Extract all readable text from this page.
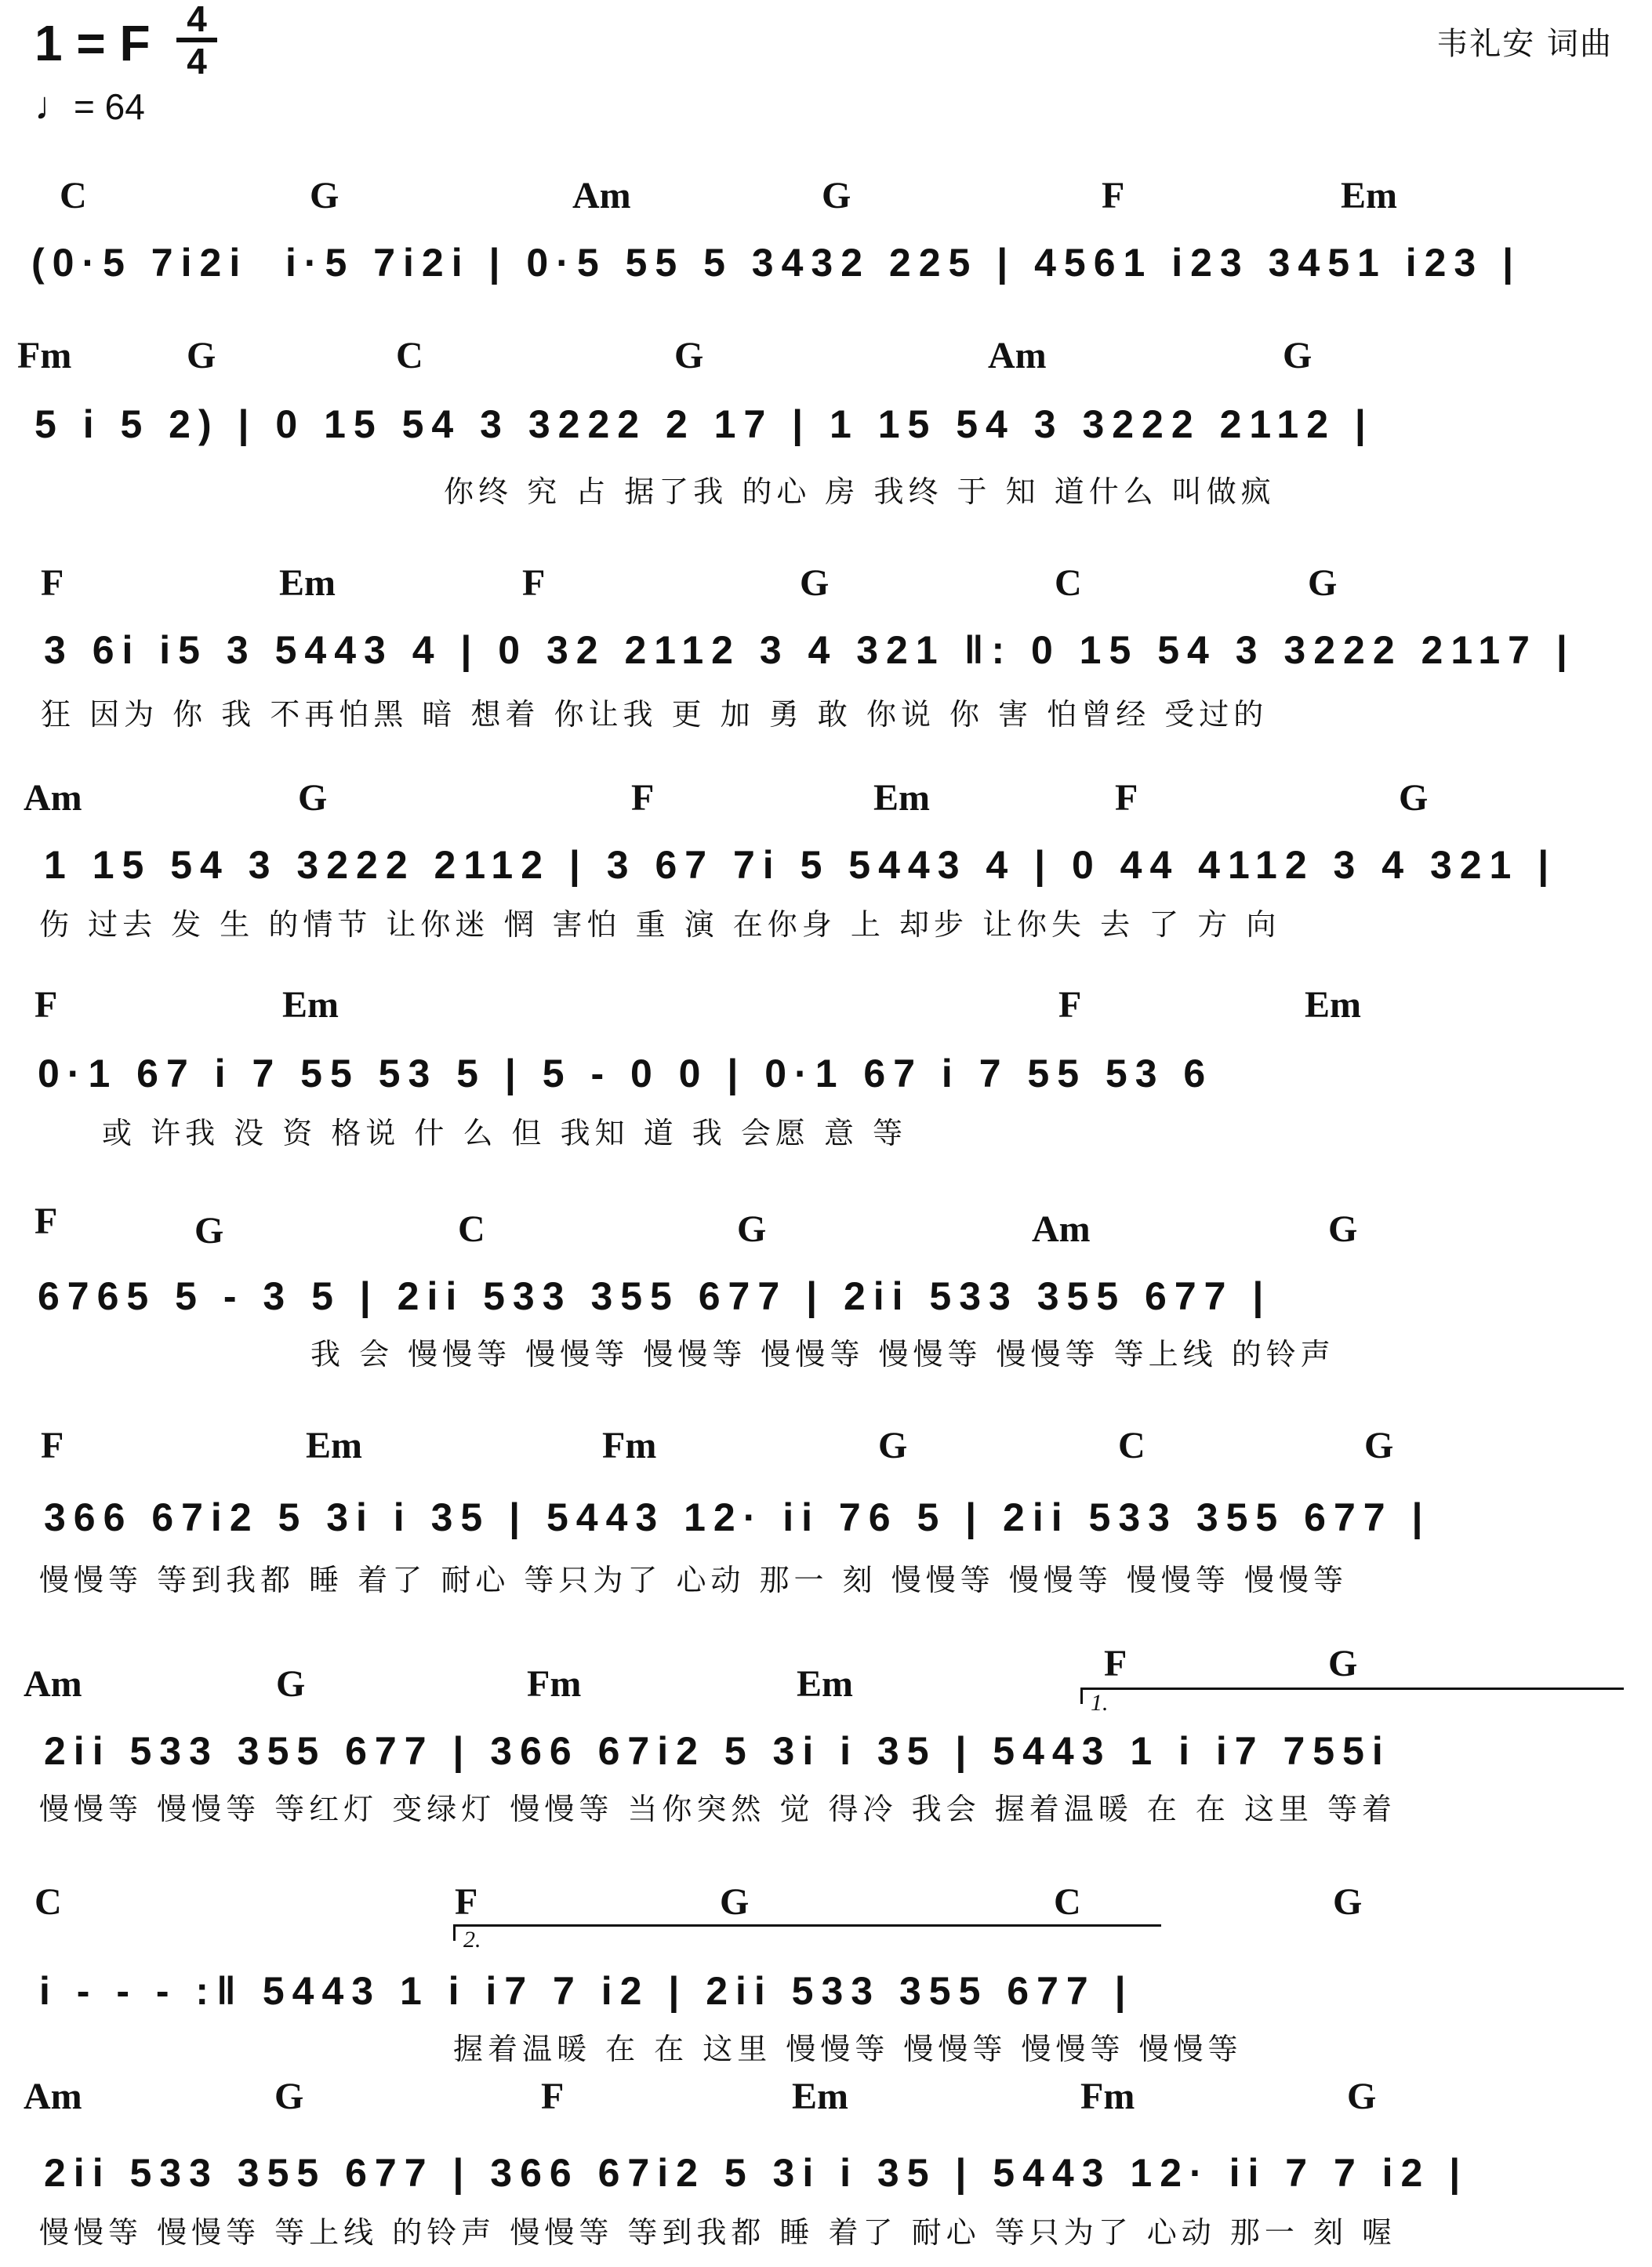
1 = F 4
4
♩= 64
韦礼安 词曲
C	G	Am	G	F	Em
(0·5 7i2i  i·5 7i2i | 0·5 55 5 3432 225 | 4561 i23 3451 i23 |
Fm	G	C	G	Am	G
5 i 5 2) | 0 15 54 3 3222 2 17 | 1 15 54 3 3222 2112 |
你终 究 占 据了我 的心 房 我终 于 知 道什么 叫做疯
F	Em	F	G	C	G
3 6i i5 3 5443 4 | 0 32 2112 3 4 321 ‖: 0 15 54 3 3222 2117 |
狂 因为 你 我 不再怕黑 暗 想着 你让我 更 加 勇 敢 你说 你 害 怕曾经 受过的
Am	G	F	Em	F	G
1 15 54 3 3222 2112 | 3 67 7i 5 5443 4 | 0 44 4112 3 4 321 |
伤 过去 发 生 的情节 让你迷 惘 害怕 重 演 在你身 上 却步 让你失 去 了 方 向
F	Em	F	Em
0·1 67 i 7 55 53 5 | 5 - 0 0 | 0·1 67 i 7 55 53 6
或 许我 没 资 格说 什 么 但 我知 道 我 会愿 意 等
F	G	C	G	Am	G
6765 5 - 3 5 | 2ii 533 355 677 | 2ii 533 355 677 |
我 会 慢慢等 慢慢等 慢慢等 慢慢等 慢慢等 慢慢等 等上线 的铃声
F	Em	Fm	G	C	G
366 67i2 5 3i i 35 | 5443 12· ii 76 5 | 2ii 533 355 677 |
慢慢等 等到我都 睡 着了 耐心 等只为了 心动 那一 刻 慢慢等 慢慢等 慢慢等 慢慢等
Am	G	Fm	Em	F	G
1.
2ii 533 355 677 | 366 67i2 5 3i i 35 | 5443 1 i i7 755i
慢慢等 慢慢等 等红灯 变绿灯 慢慢等 当你突然 觉 得冷 我会 握着温暖 在 在 这里 等着
C	F	G	C	G
2.
i - - - :‖ 5443 1 i i7 7 i2 | 2ii 533 355 677 |
握着温暖 在 在 这里 慢慢等 慢慢等 慢慢等 慢慢等
Am	G	F	Em	Fm	G
2ii 533 355 677 | 366 67i2 5 3i i 35 | 5443 12· ii 7 7 i2 |
慢慢等 慢慢等 等上线 的铃声 慢慢等 等到我都 睡 着了 耐心 等只为了 心动 那一 刻 喔
